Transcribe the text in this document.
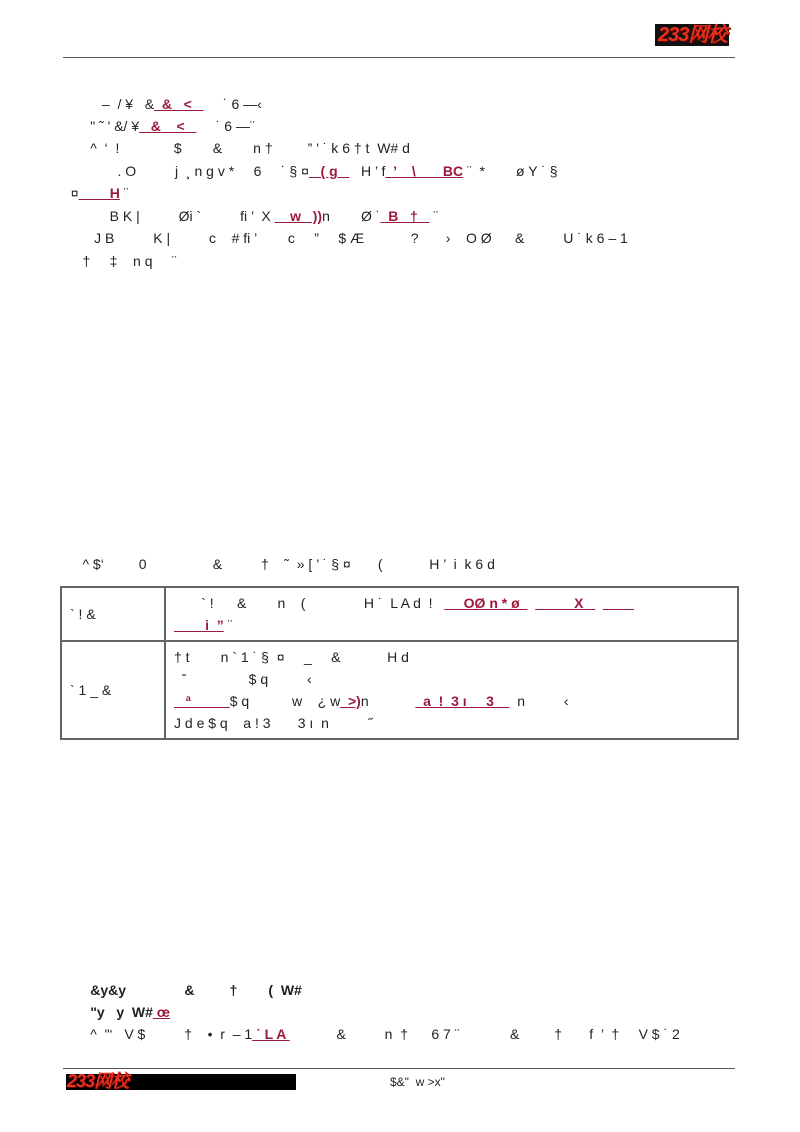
233网校

–  / ¥   &  &   <        ˙ 6 —‹

" ˜ ' &/ ¥   &    <        ˙ 6 —¨

^  ‘  !              $        &        n †         ” ' ˙ k 6 † t  W# d

. O          j  ¸ n g v *     6     ˙ § ¤   ( g      H ’ f  ’    \       BC ¨  *        ø Y ˙ §

¤        H ¨

B K |          Øi `          fi ’  X     w   ))n        Ø ˙  B   †    ¨

J B          K |          c    # fi ’        c     ”     $ Æ            ?       ›    O Ø      &          U ˙ k 6 – 1

†     ‡    n q     ¨

^ $‘         0                 &          †    ˜  » [ ’ ˙ § ¤       (            H ’  i  k 6 d
` ! &	` !      &        n    (               H ˙  L A d  !        OØ n * ø              X
i  ” ¨

` 1 _ &	† t        n ` 1 ˙ §  ¤     _     &            H d
ˇ                $ q          ‹
ª          $ q           w    ¿ w  >)n              a  !  3 ı     3      n          ‹
J d e $ q    a ! 3       3 ı  n          ˝

&y&y               &         †        (  W#

"y   y  W# œ

^  "‘   V $          †    •  r  – 1 ˙ L A             &          n  †      6 7 ¨             &         †       f  ’  †     V $ ˙ 2

233网校	$&"  w >x"
